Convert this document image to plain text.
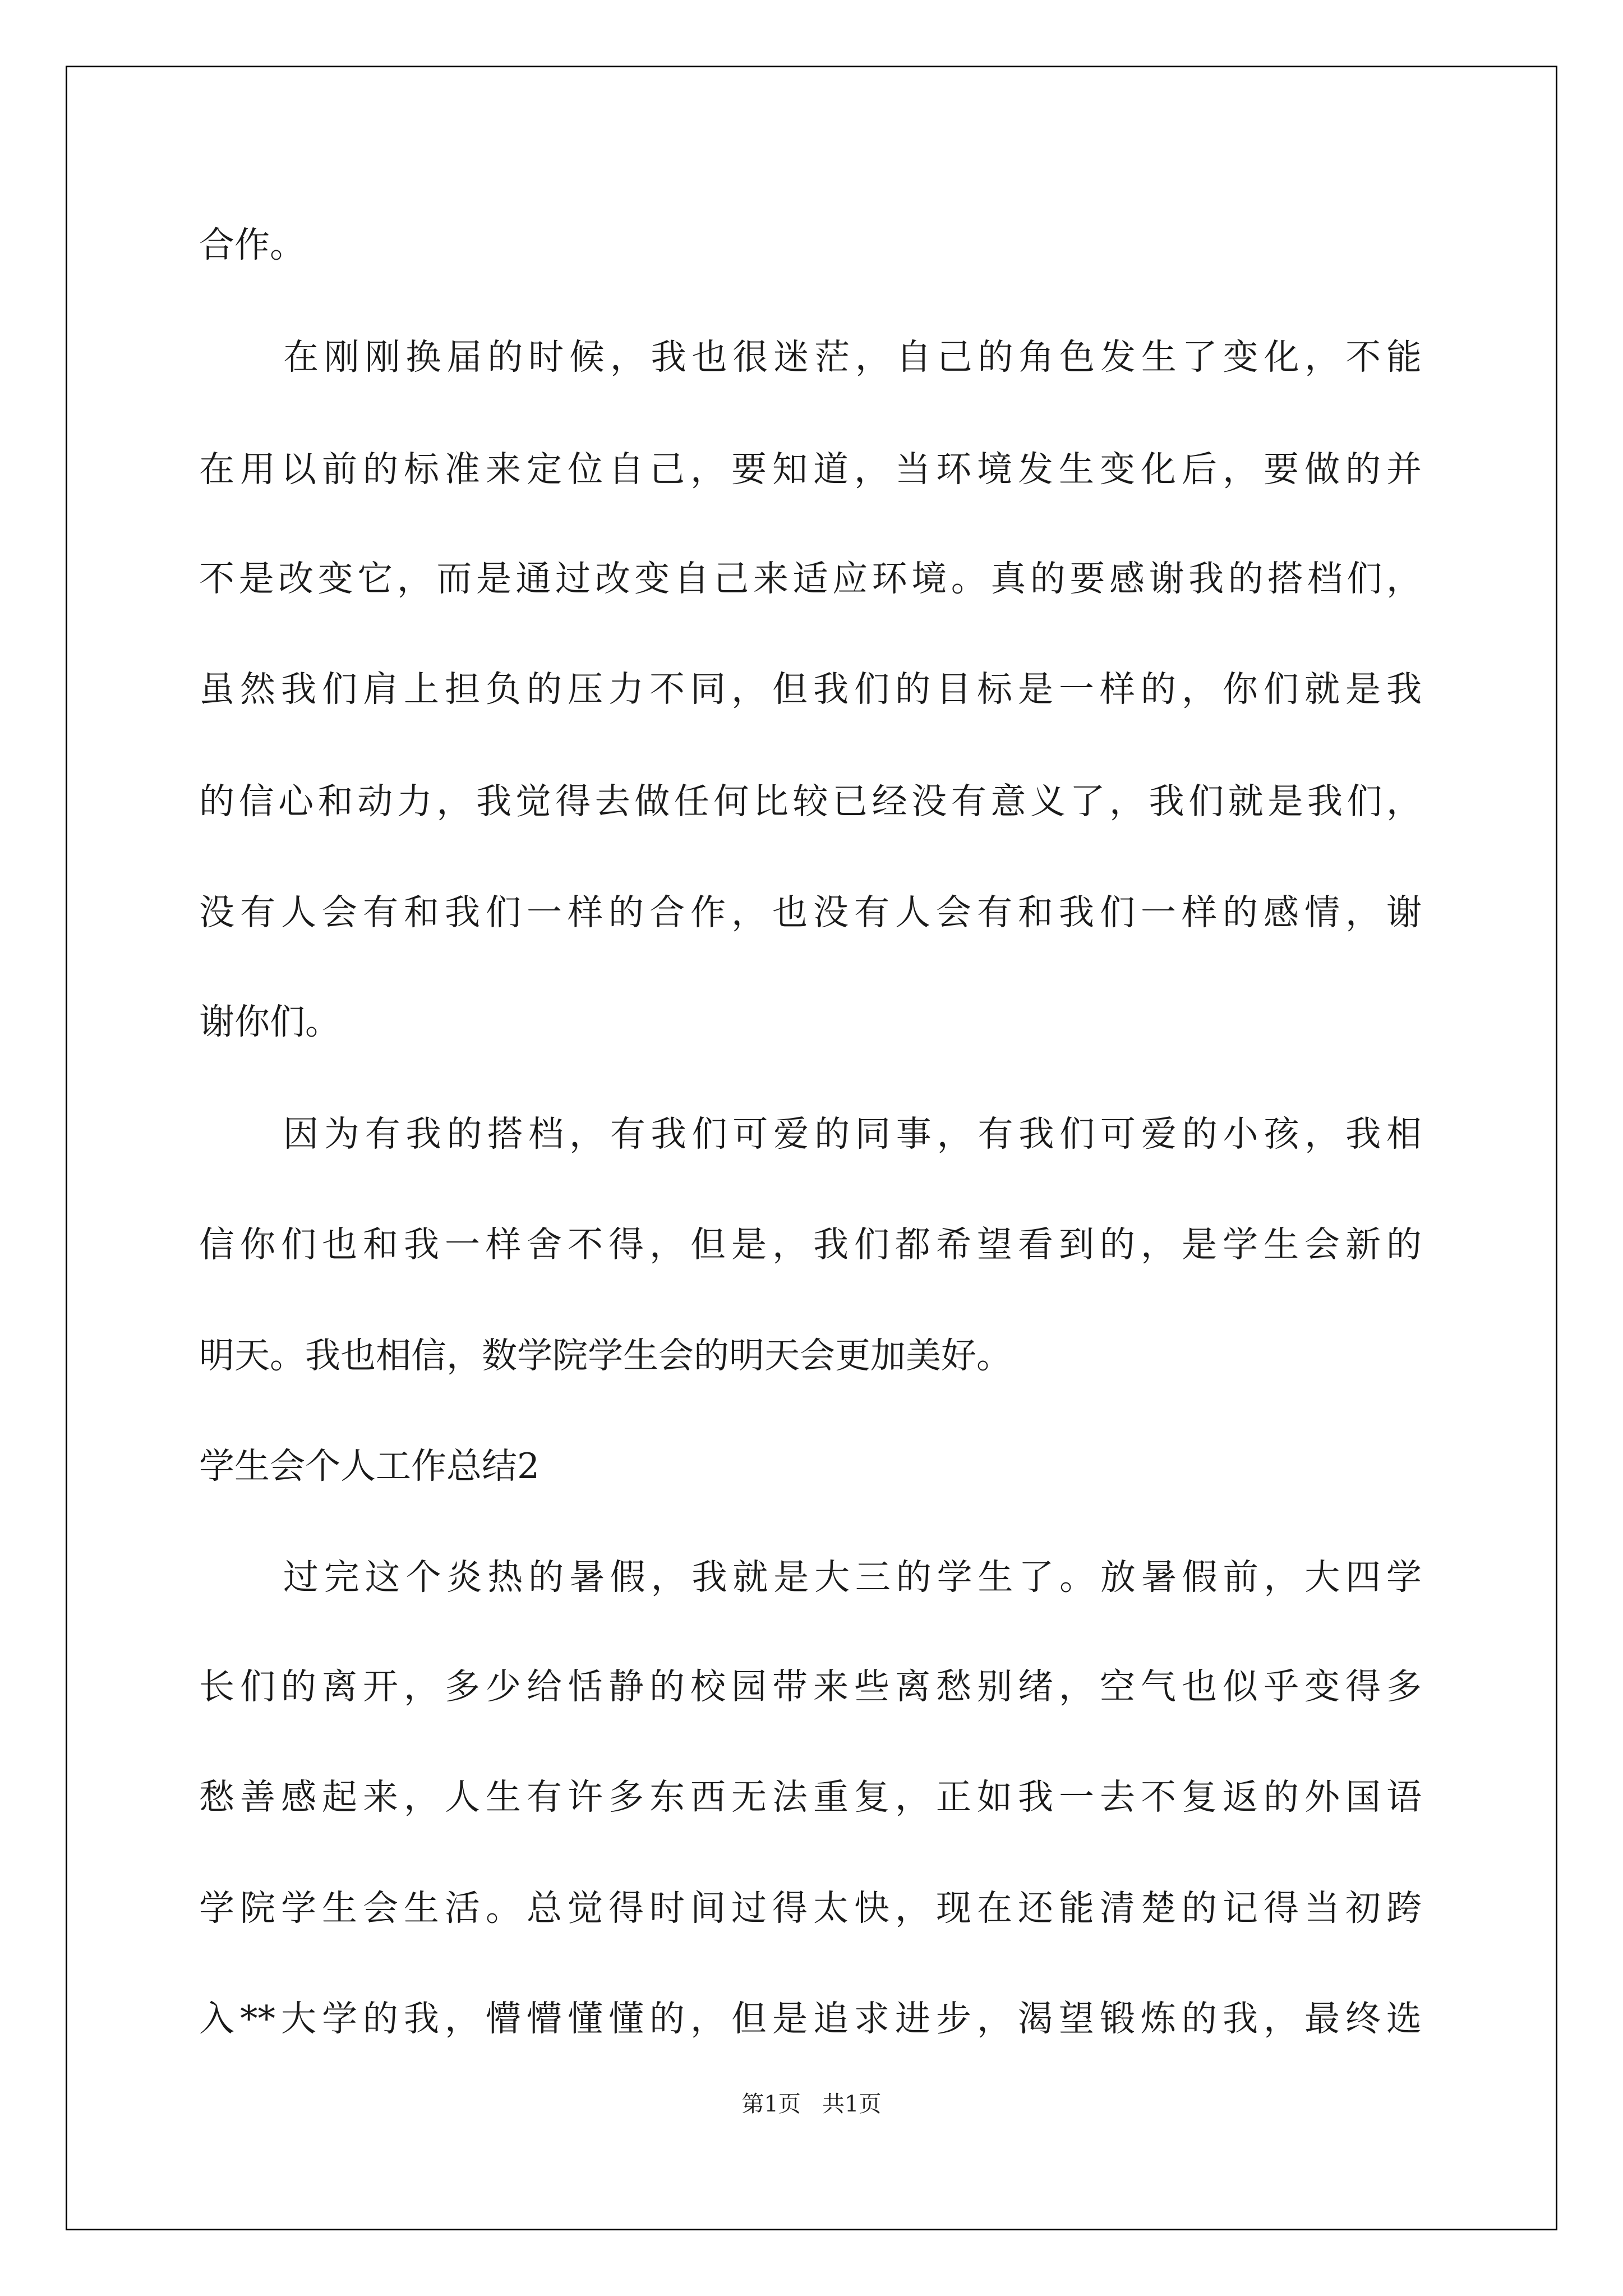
合作。
在刚刚换届的时候，我也很迷茫，自己的角色发生了变化，不能
在用以前的标准来定位自己，要知道，当环境发生变化后，要做的并
不是改变它，而是通过改变自己来适应环境。真的要感谢我的搭档们，
虽然我们肩上担负的压力不同，但我们的目标是一样的，你们就是我
的信心和动力，我觉得去做任何比较已经没有意义了，我们就是我们，
没有人会有和我们一样的合作，也没有人会有和我们一样的感情，谢
谢你们。
因为有我的搭档，有我们可爱的同事，有我们可爱的小孩，我相
信你们也和我一样舍不得，但是，我们都希望看到的，是学生会新的
明天。我也相信，数学院学生会的明天会更加美好。
学生会个人工作总结2
过完这个炎热的暑假，我就是大三的学生了。放暑假前，大四学
长们的离开，多少给恬静的校园带来些离愁别绪，空气也似乎变得多
愁善感起来，人生有许多东西无法重复，正如我一去不复返的外国语
学院学生会生活。总觉得时间过得太快，现在还能清楚的记得当初跨
入**大学的我，懵懵懂懂的，但是追求进步，渴望锻炼的我，最终选
第1页   共1页
